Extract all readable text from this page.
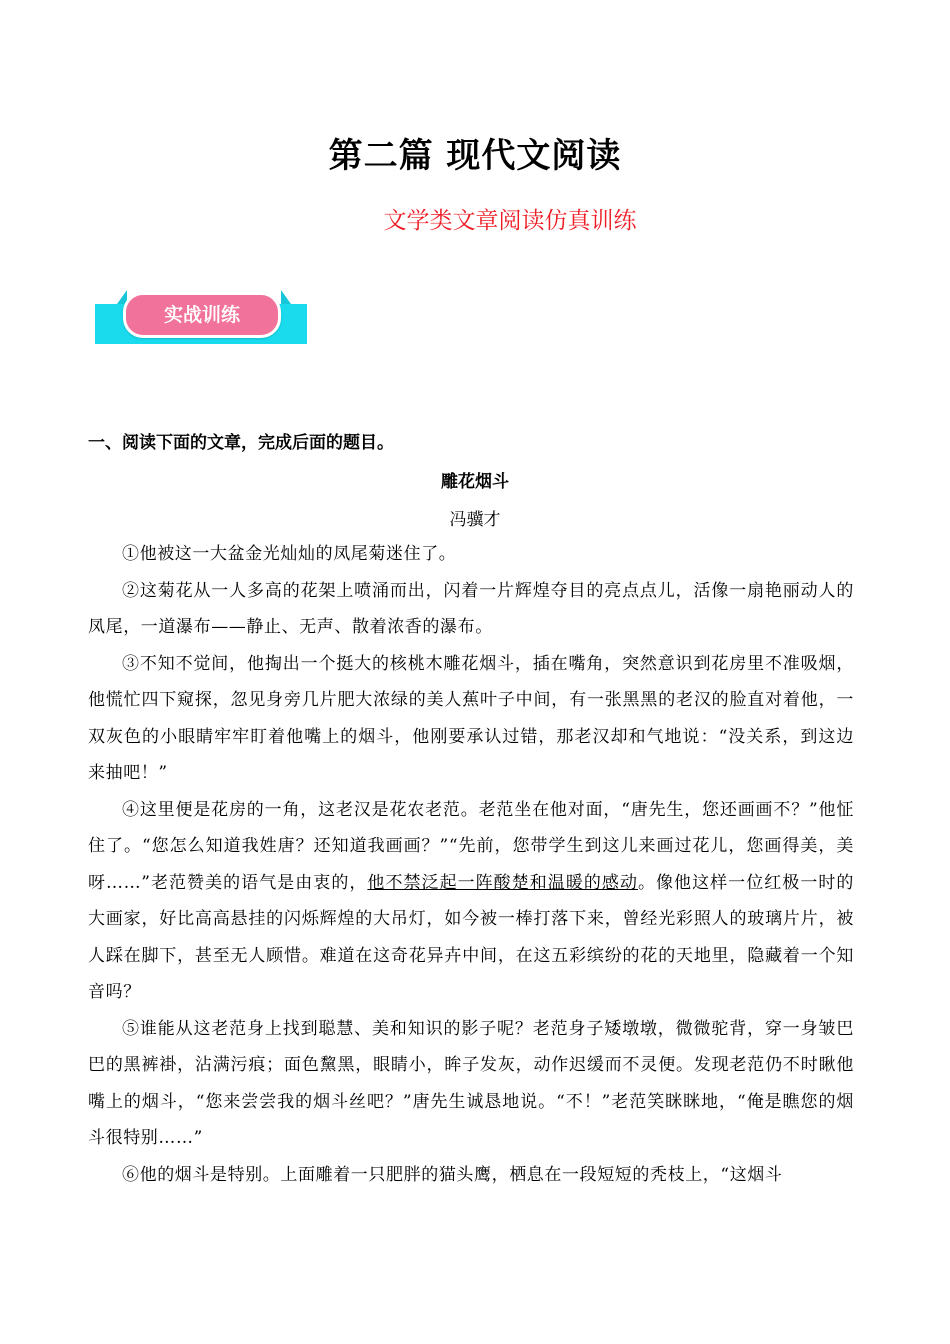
第二篇 现代文阅读
文学类文章阅读仿真训练
实战训练
一、阅读下面的文章，完成后面的题目。
雕花烟斗
冯骥才

①他被这一大盆金光灿灿的凤尾菊迷住了。

②这菊花从一人多高的花架上喷涌而出，闪着一片辉煌夺目的亮点点儿，活像一扇艳丽动人的凤尾，一道瀑布——静止、无声、散着浓香的瀑布。

③不知不觉间，他掏出一个挺大的核桃木雕花烟斗，插在嘴角，突然意识到花房里不准吸烟，他慌忙四下窥探，忽见身旁几片肥大浓绿的美人蕉叶子中间，有一张黑黑的老汉的脸直对着他，一双灰色的小眼睛牢牢盯着他嘴上的烟斗，他刚要承认过错，那老汉却和气地说：“没关系，到这边来抽吧！”

④这里便是花房的一角，这老汉是花农老范。老范坐在他对面，“唐先生，您还画画不？”他怔住了。“您怎么知道我姓唐？还知道我画画？”“先前，您带学生到这儿来画过花儿，您画得美，美呀……”老范赞美的语气是由衷的，他不禁泛起一阵酸楚和温暖的感动。像他这样一位红极一时的大画家，好比高高悬挂的闪烁辉煌的大吊灯，如今被一棒打落下来，曾经光彩照人的玻璃片片，被人踩在脚下，甚至无人顾惜。难道在这奇花异卉中间，在这五彩缤纷的花的天地里，隐藏着一个知音吗？

⑤谁能从这老范身上找到聪慧、美和知识的影子呢？老范身子矮墩墩，微微驼背，穿一身皱巴巴的黑裤褂，沾满污痕；面色黧黑，眼睛小，眸子发灰，动作迟缓而不灵便。发现老范仍不时瞅他嘴上的烟斗，“您来尝尝我的烟斗丝吧？”唐先生诚恳地说。“不！”老范笑眯眯地，“俺是瞧您的烟斗很特别……”

⑥他的烟斗是特别。上面雕着一只肥胖的猫头鹰，栖息在一段短短的秃枝上，“这烟斗
